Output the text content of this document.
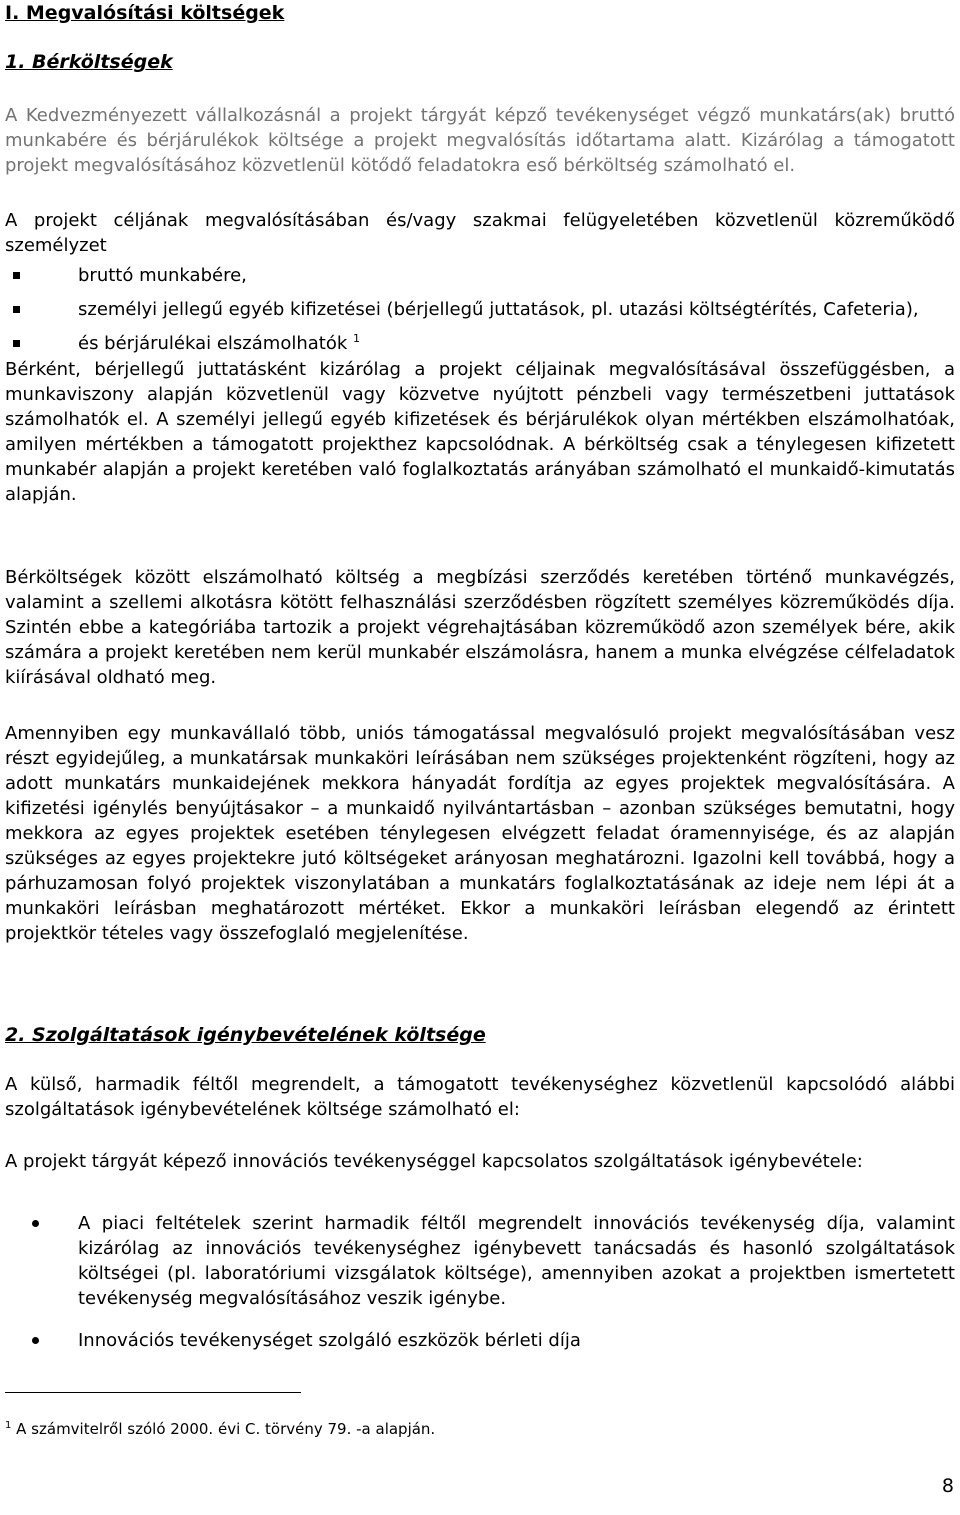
I. Megvalósítási költségek
1. Bérköltségek

A Kedvezményezett vállalkozásnál a projekt tárgyát képző tevékenységet végző munkatárs(ak) bruttó munkabére és bérjárulékok költsége a projekt megvalósítás időtartama alatt. Kizárólag a támogatott projekt megvalósításához közvetlenül kötődő feladatokra eső bérköltség számolható el.

A projekt céljának megvalósításában és/vagy szakmai felügyeletében közvetlenül közreműködő személyzet

bruttó munkabére,
személyi jellegű egyéb kifizetései (bérjellegű juttatások, pl. utazási költségtérítés, Cafeteria),
és bérjárulékai elszámolhatók $^1$

Bérként, bérjellegű juttatásként kizárólag a projekt céljainak megvalósításával összefüggésben, a munkaviszony alapján közvetlenül vagy közvetve nyújtott pénzbeli vagy természetbeni juttatások számolhatók el. A személyi jellegű egyéb kifizetések és bérjárulékok olyan mértékben elszámolhatóak, amilyen mértékben a támogatott projekthez kapcsolódnak. A bérköltség csak a ténylegesen kifizetett munkabér alapján a projekt keretében való foglalkoztatás arányában számolható el munkaidő-kimutatás alapján.

Bérköltségek között elszámolható költség a megbízási szerződés keretében történő munkavégzés, valamint a szellemi alkotásra kötött felhasználási szerződésben rögzített személyes közreműködés díja. Szintén ebbe a kategóriába tartozik a projekt végrehajtásában közreműködő azon személyek bére, akik számára a projekt keretében nem kerül munkabér elszámolásra, hanem a munka elvégzése célfeladatok kiírásával oldható meg.

Amennyiben egy munkavállaló több, uniós támogatással megvalósuló projekt megvalósításában vesz részt egyidejűleg, a munkatársak munkaköri leírásában nem szükséges projektenként rögzíteni, hogy az adott munkatárs munkaidejének mekkora hányadát fordítja az egyes projektek megvalósítására. A kifizetési igénylés benyújtásakor – a munkaidő nyilvántartásban – azonban szükséges bemutatni, hogy mekkora az egyes projektek esetében ténylegesen elvégzett feladat óramennyisége, és az alapján szükséges az egyes projektekre jutó költségeket arányosan meghatározni. Igazolni kell továbbá, hogy a párhuzamosan folyó projektek viszonylatában a munkatárs foglalkoztatásának az ideje nem lépi át a munkaköri leírásban meghatározott mértéket. Ekkor a munkaköri leírásban elegendő az érintett projektkör tételes vagy összefoglaló megjelenítése.

2. Szolgáltatások igénybevételének költsége

A külső, harmadik féltől megrendelt, a támogatott tevékenységhez közvetlenül kapcsolódó alábbi szolgáltatások igénybevételének költsége számolható el:

A projekt tárgyát képező innovációs tevékenységgel kapcsolatos szolgáltatások igénybevétele:

A piaci feltételek szerint harmadik féltől megrendelt innovációs tevékenység díja, valamint kizárólag az innovációs tevékenységhez igénybevett tanácsadás és hasonló szolgáltatások költségei (pl. laboratóriumi vizsgálatok költsége), amennyiben azokat a projektben ismertetett tevékenység megvalósításához veszik igénybe.
Innovációs tevékenységet szolgáló eszközök bérleti díja

$^1$ A számvitelről szóló 2000. évi C. törvény 79. -a alapján.

8
